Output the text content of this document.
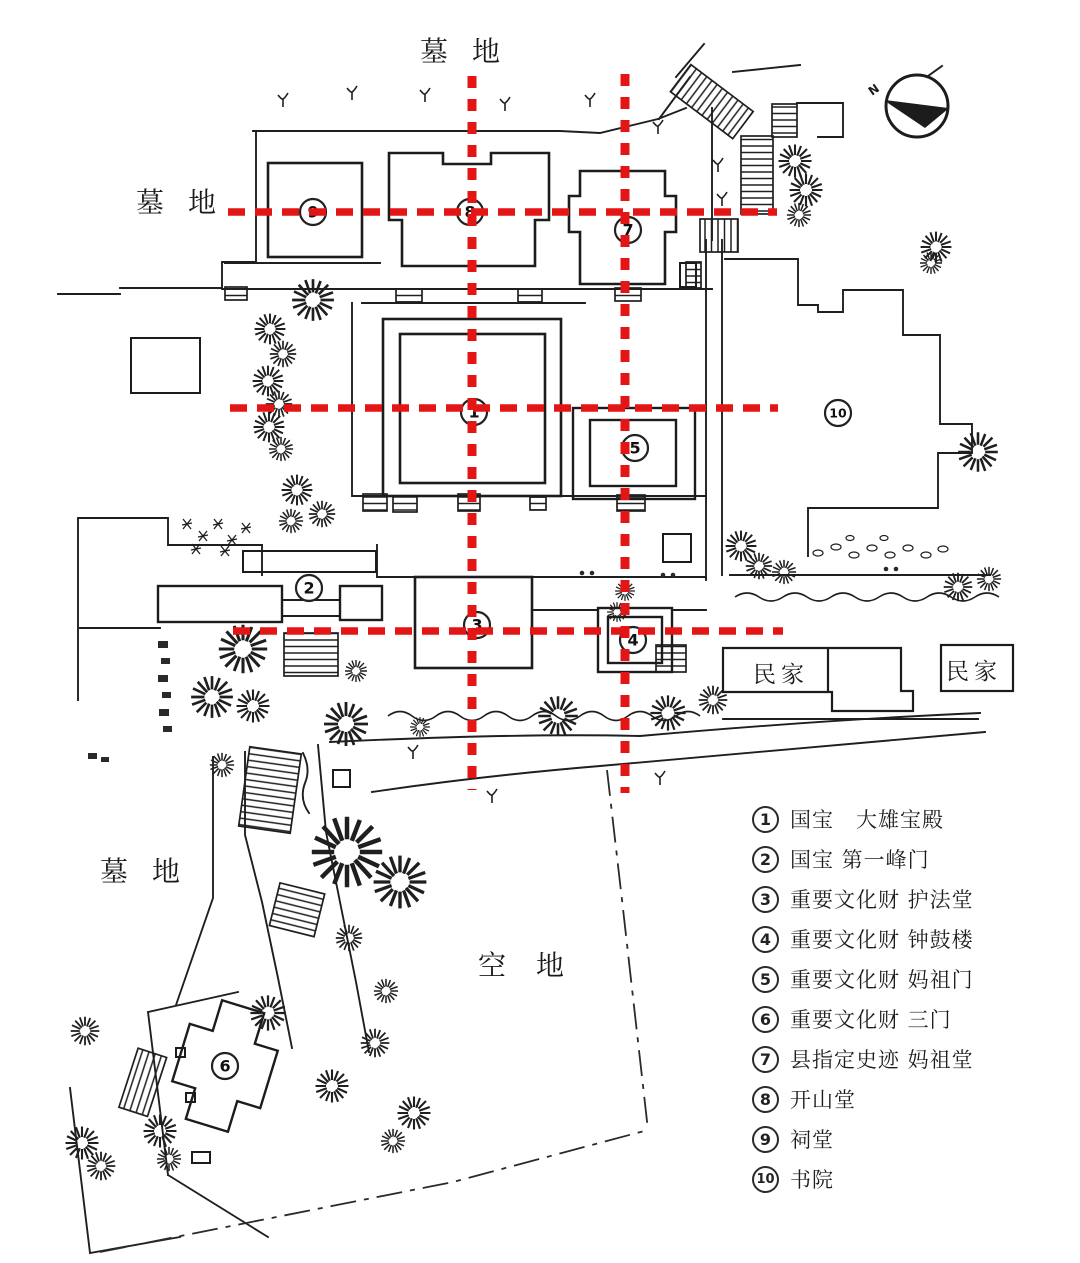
N
9	8
7
1
5
10
2
3
4
6
墓地
墓地
墓地
空地
民家	民家
1 国宝　大雄宝殿
2 国宝 第一峰门
3 重要文化财 护法堂
4 重要文化财 钟鼓楼
5 重要文化财 妈祖门
6 重要文化财 三门
7 县指定史迹 妈祖堂
8 开山堂
9 祠堂
10 书院
